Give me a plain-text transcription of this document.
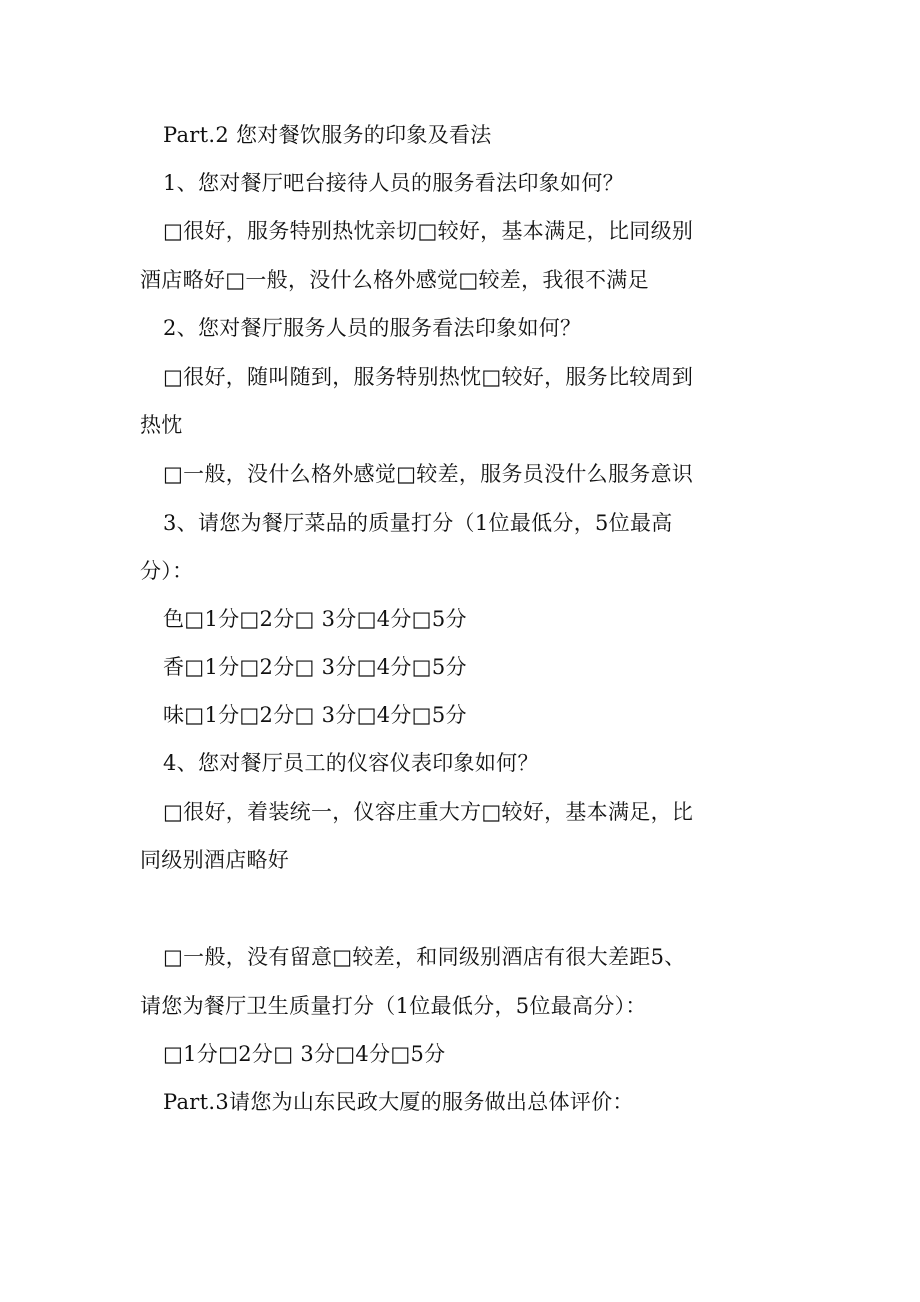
Part.2 您对餐饮服务的印象及看法
1、您对餐厅吧台接待人员的服务看法印象如何？
□很好，服务特别热忱亲切□较好，基本满足，比同级别
酒店略好□一般，没什么格外感觉□较差，我很不满足
2、您对餐厅服务人员的服务看法印象如何？
□很好，随叫随到，服务特别热忱□较好，服务比较周到
热忱
□一般，没什么格外感觉□较差，服务员没什么服务意识
3、请您为餐厅菜品的质量打分（1位最低分，5位最高
分）：
色□1分□2分□ 3分□4分□5分
香□1分□2分□ 3分□4分□5分
味□1分□2分□ 3分□4分□5分
4、您对餐厅员工的仪容仪表印象如何？
□很好，着装统一，仪容庄重大方□较好，基本满足，比
同级别酒店略好
□一般，没有留意□较差，和同级别酒店有很大差距5、
请您为餐厅卫生质量打分（1位最低分，5位最高分）：
□1分□2分□ 3分□4分□5分
Part.3请您为山东民政大厦的服务做出总体评价：
